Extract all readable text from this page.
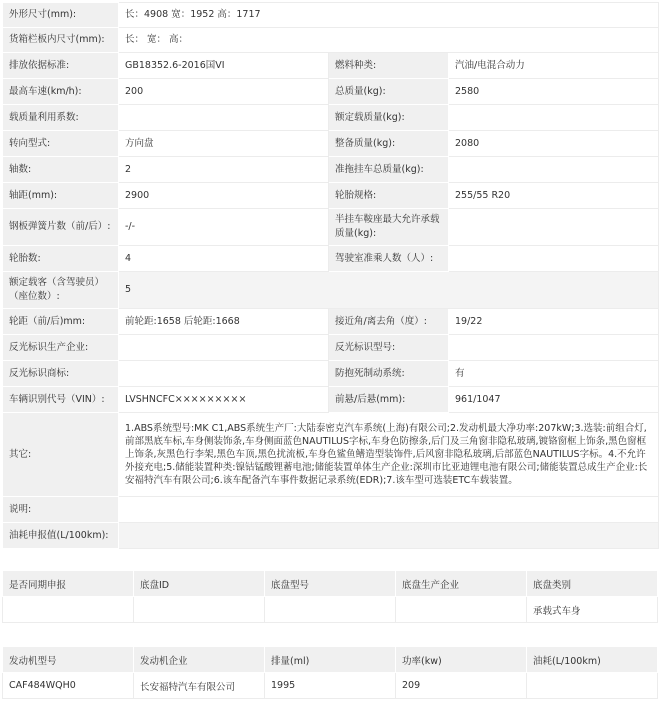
外形尺寸(mm):	长：4908 宽：1952 高：1717		
货箱栏板内尺寸(mm):	长： 宽： 高：		
排放依据标准:	GB18352.6-2016国VI	燃料种类:	汽油/电混合动力
最高车速(km/h):	200	总质量(kg):	2580
载质量利用系数:		额定载质量(kg):	
转向型式:	方向盘	整备质量(kg):	2080
轴数:	2	准拖挂车总质量(kg):	
轴距(mm):	2900	轮胎规格:	255/55 R20
钢板弹簧片数（前/后）:	-/-	半挂车鞍座最大允许承载质量(kg):	
轮胎数:	4	驾驶室准乘人数（人）:	
额定载客（含驾驶员）（座位数）:	5		
轮距（前/后)mm:	前轮距:1658 后轮距:1668	接近角/离去角（度）:	19/22
反光标识生产企业:		反光标识型号:	
反光标识商标:		防抱死制动系统:	有
车辆识别代号（VIN）:	LVSHNCFC×××××××××	前悬/后悬(mm):	961/1047
其它:	1.ABS系统型号:MK C1,ABS系统生产厂:大陆泰密克汽车系统(上海)有限公司;2.发动机最大净功率:207kW;3.选装:前组合灯,前部黑底车标,车身侧装饰条,车身侧面蓝色NAUTILUS字标,车身色防擦条,后门及三角窗非隐私玻璃,镀铬窗框上饰条,黑色窗框上饰条,灰黑色行李架,黑色车顶,黑色扰流板,车身色鲨鱼鳍造型装饰件,后风窗非隐私玻璃,后部蓝色NAUTILUS字标。4.不允许外接充电;5.储能装置种类:镍钴锰酸锂蓄电池;储能装置单体生产企业:深圳市比亚迪锂电池有限公司;储能装置总成生产企业:长安福特汽车有限公司;6.该车配备汽车事件数据记录系统(EDR);7.该车型可选装ETC车载装置。		
说明:			
油耗申报值(L/100km):			
是否同期申报	底盘ID	底盘型号	底盘生产企业	底盘类别
				承载式车身
发动机型号	发动机企业	排量(ml)	功率(kw)	油耗(L/100km)
CAF484WQH0	长安福特汽车有限公司	1995	209	
